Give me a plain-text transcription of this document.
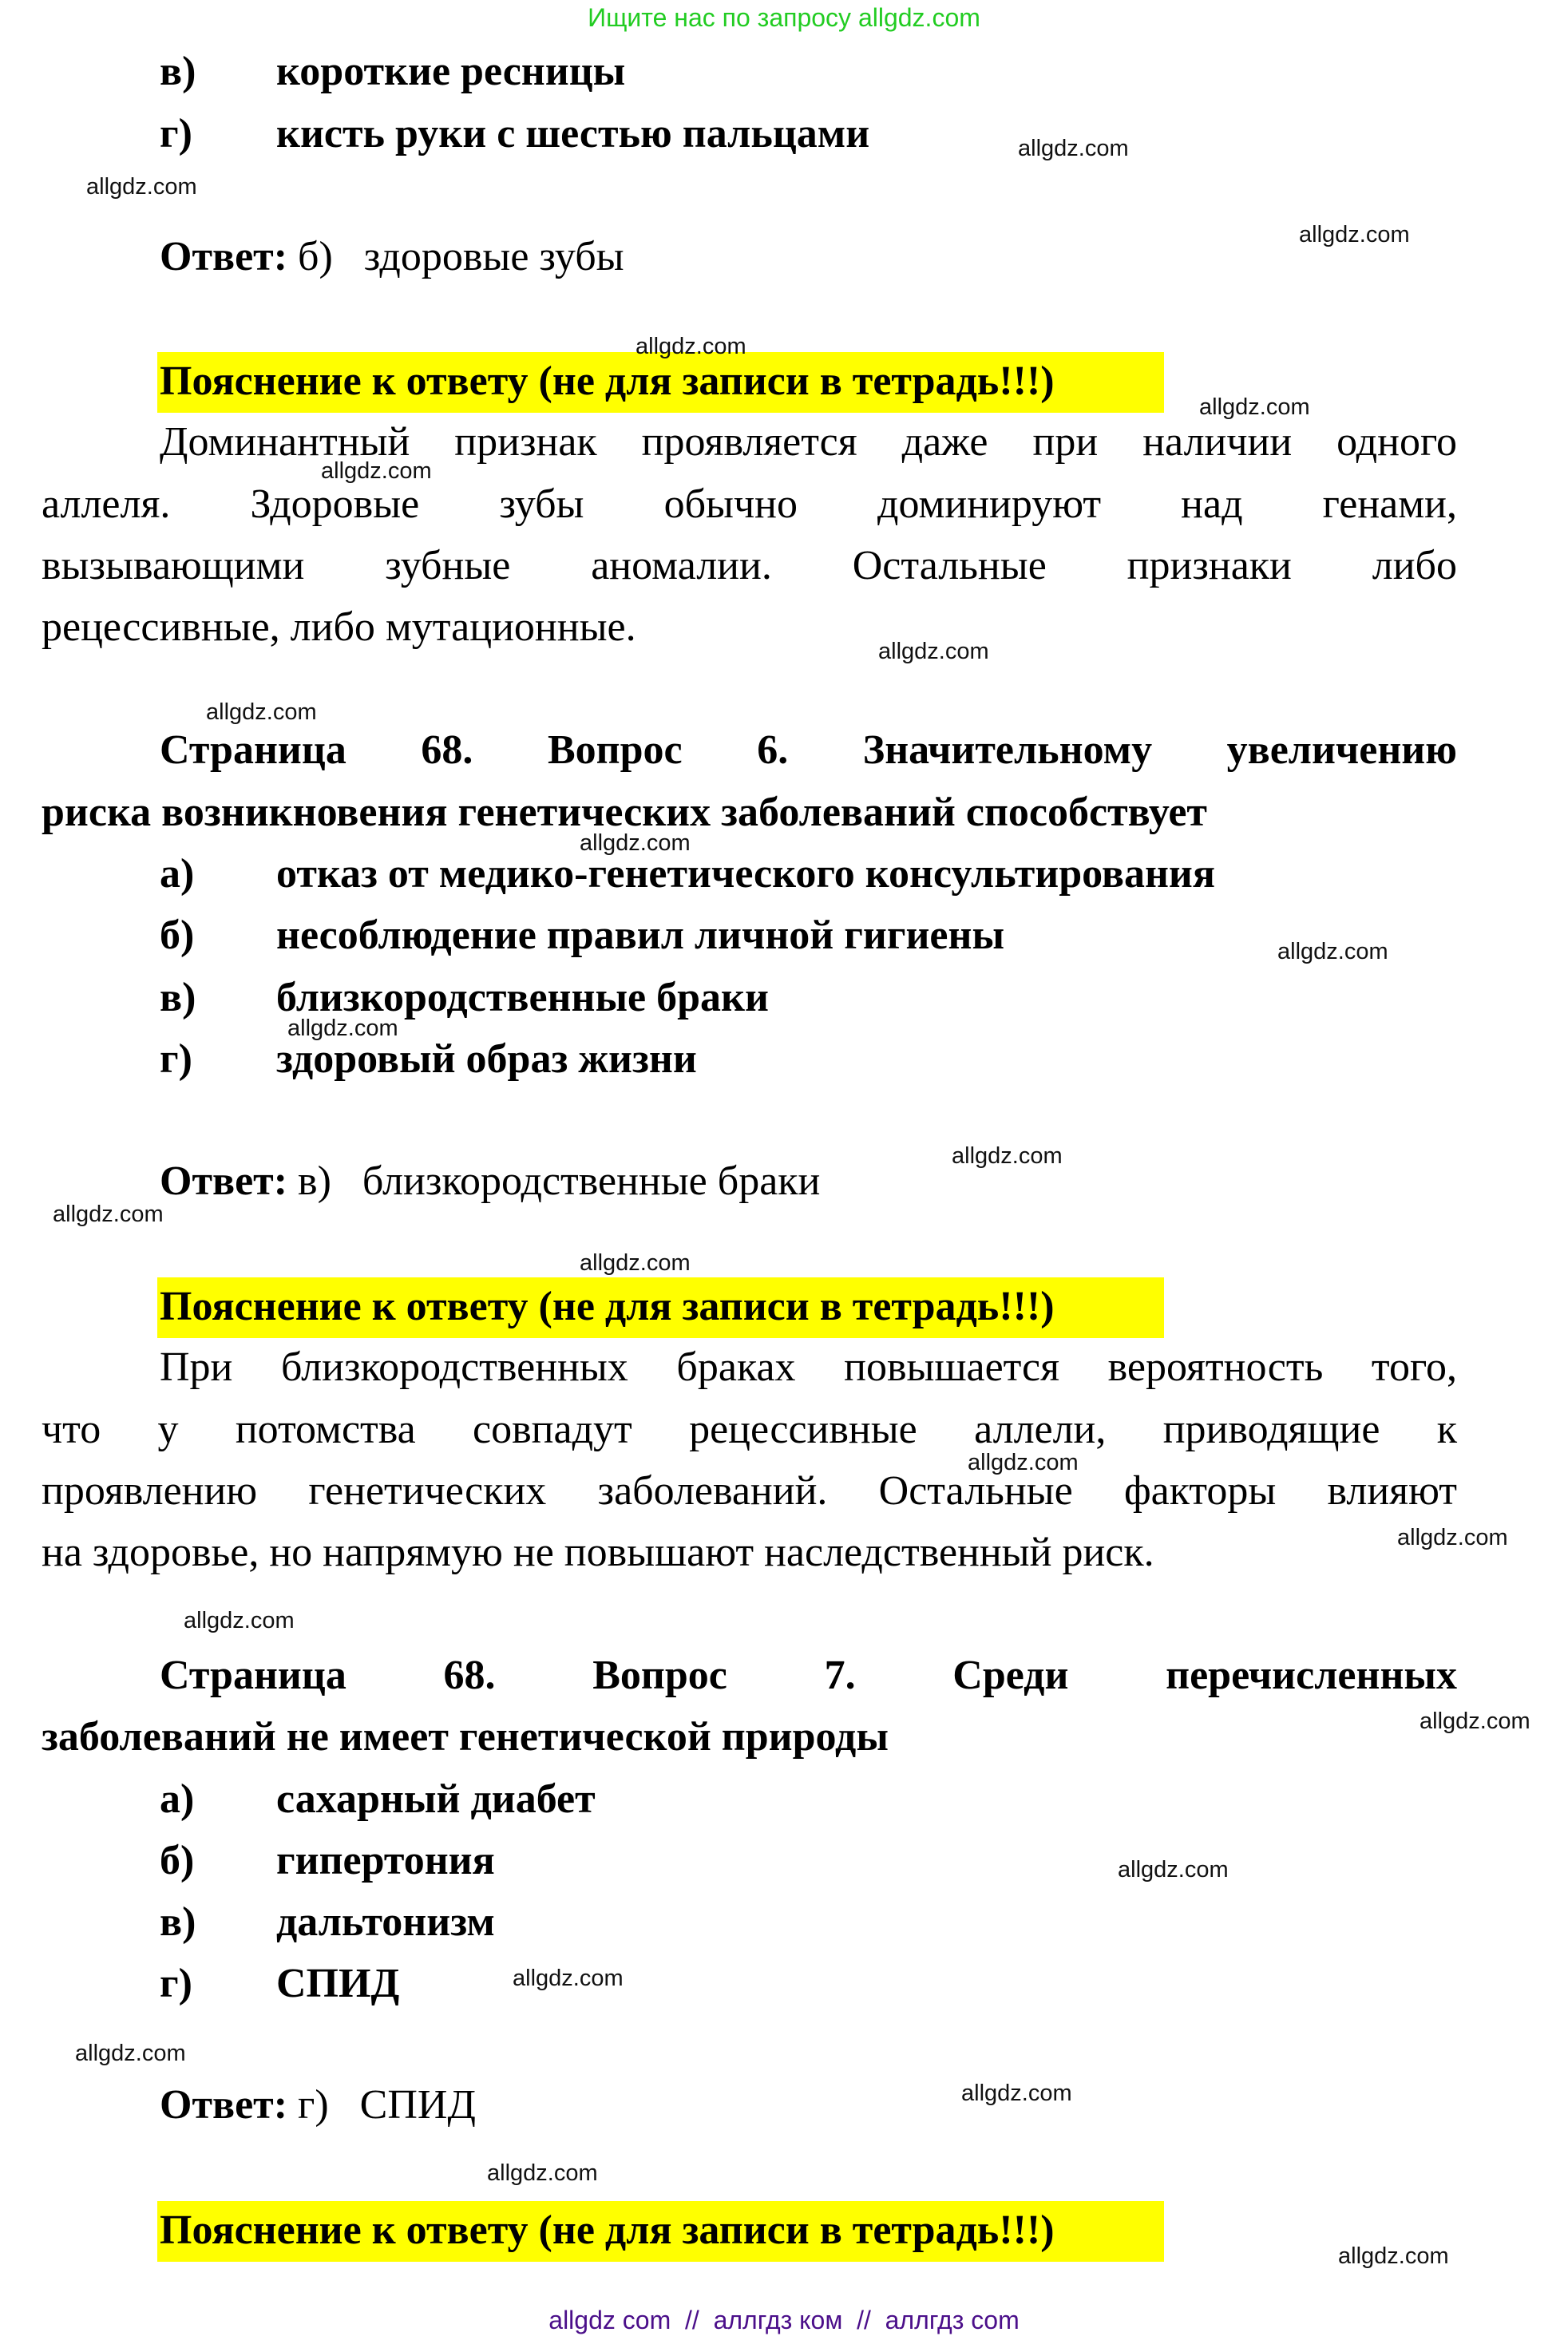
Ищите нас по запросу allgdz.com
в) короткие ресницы
г) кисть руки с шестью пальцами
Ответ: б) здоровые зубы
Пояснение к ответу (не для записи в тетрадь!!!)
Доминантный признак проявляется даже при наличии одного
аллеля. Здоровые зубы обычно доминируют над генами,
вызывающими зубные аномалии. Остальные признаки либо
рецессивные, либо мутационные.
Страница 68. Вопрос 6. Значительному увеличению
риска возникновения генетических заболеваний способствует
а) отказ от медико-генетического консультирования
б) несоблюдение правил личной гигиены
в) близкородственные браки
г) здоровый образ жизни
Ответ: в) близкородственные браки
Пояснение к ответу (не для записи в тетрадь!!!)
При близкородственных браках повышается вероятность того,
что у потомства совпадут рецессивные аллели, приводящие к
проявлению генетических заболеваний. Остальные факторы влияют
на здоровье, но напрямую не повышают наследственный риск.
Страница 68. Вопрос 7. Среди перечисленных
заболеваний не имеет генетической природы
а) сахарный диабет
б) гипертония
в) дальтонизм
г) СПИД
Ответ: г) СПИД
Пояснение к ответу (не для записи в тетрадь!!!)
allgdz.com
allgdz.com
allgdz.com
allgdz.com
allgdz.com
allgdz.com
allgdz.com
allgdz.com
allgdz.com
allgdz.com
allgdz.com
allgdz.com
allgdz.com
allgdz.com
allgdz.com
allgdz.com
allgdz.com
allgdz.com
allgdz.com
allgdz.com
allgdz.com
allgdz.com
allgdz.com
allgdz.com
allgdz com  //  аллгдз ком  //  аллгдз com
